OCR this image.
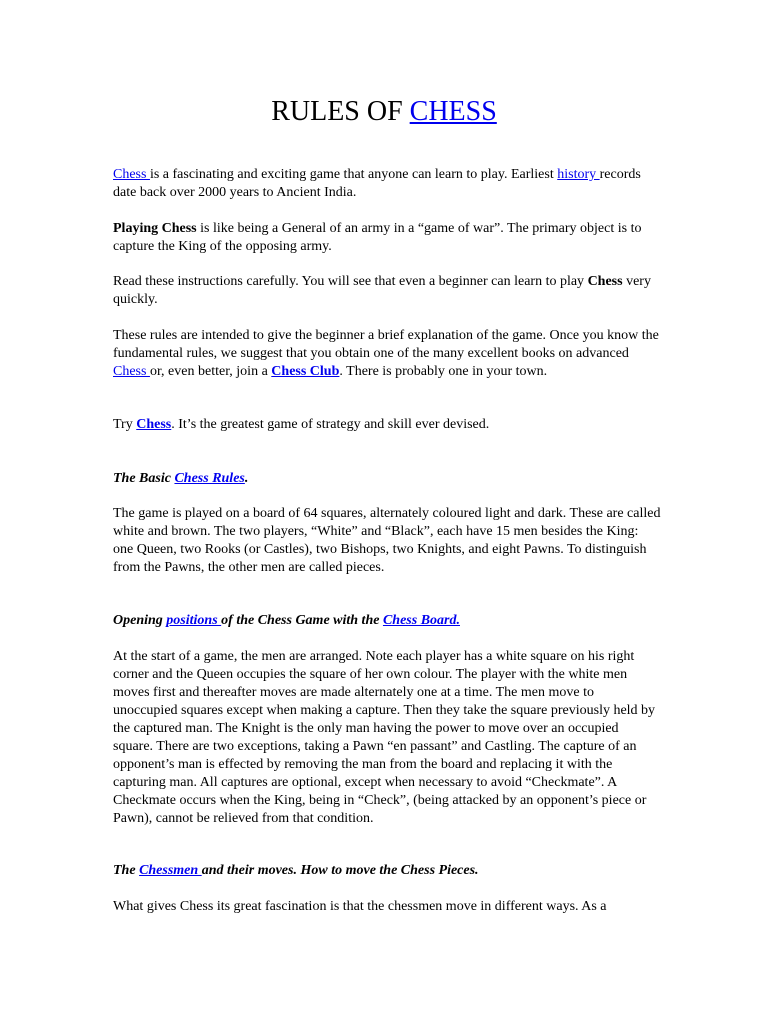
RULES OF CHESS

Chess is a fascinating and exciting game that anyone can learn to play. Earliest history records date back over 2000 years to Ancient India.

Playing Chess is like being a General of an army in a “game of war”. The primary object is to capture the King of the opposing army.

Read these instructions carefully. You will see that even a beginner can learn to play Chess very quickly.

These rules are intended to give the beginner a brief explanation of the game. Once you know the fundamental rules, we suggest that you obtain one of the many excellent books on advanced Chess or, even better, join a Chess Club. There is probably one in your town.

Try Chess. It’s the greatest game of strategy and skill ever devised.

The Basic Chess Rules.

The game is played on a board of 64 squares, alternately coloured light and dark. These are called white and brown. The two players, “White” and “Black”, each have 15 men besides the King: one Queen, two Rooks (or Castles), two Bishops, two Knights, and eight Pawns. To distinguish from the Pawns, the other men are called pieces.

Opening positions of the Chess Game with the Chess Board.

At the start of a game, the men are arranged. Note each player has a white square on his right corner and the Queen occupies the square of her own colour. The player with the white men moves first and thereafter moves are made alternately one at a time. The men move to unoccupied squares except when making a capture. Then they take the square previously held by the captured man. The Knight is the only man having the power to move over an occupied square. There are two exceptions, taking a Pawn “en passant” and Castling. The capture of an opponent’s man is effected by removing the man from the board and replacing it with the capturing man. All captures are optional, except when necessary to avoid “Checkmate”. A Checkmate occurs when the King, being in “Check”, (being attacked by an opponent’s piece or Pawn), cannot be relieved from that condition.

The Chessmen and their moves. How to move the Chess Pieces.

What gives Chess its great fascination is that the chessmen move in different ways. As a
